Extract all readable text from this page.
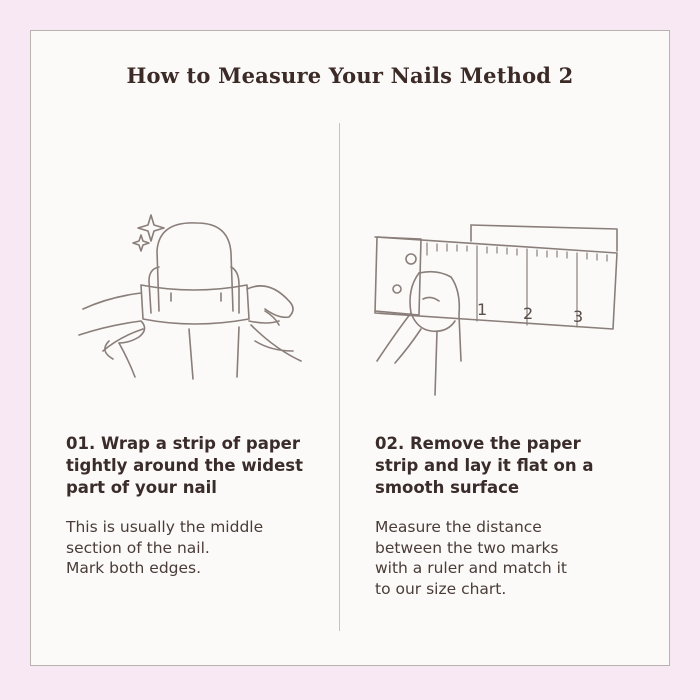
How to Measure Your Nails Method 2
1 2 3
01. Wrap a strip of paper
tightly around the widest
part of your nail

This is usually the middle
section of the nail.
Mark both edges.

02. Remove the paper
strip and lay it flat on a
smooth surface

Measure the distance
between the two marks
with a ruler and match it
to our size chart.
